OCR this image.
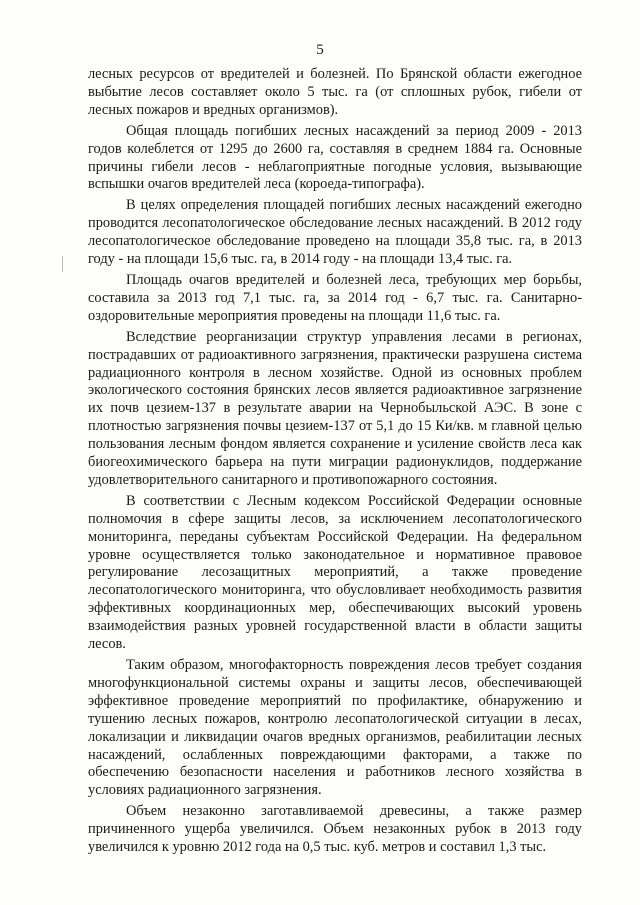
5

лесных ресурсов от вредителей и болезней. По Брянской области ежегодное выбытие лесов составляет около 5 тыс. га (от сплошных рубок, гибели от лесных пожаров и вредных организмов).

Общая площадь погибших лесных насаждений за период 2009 - 2013 годов колеблется от 1295 до 2600 га, составляя в среднем 1884 га. Основные причины гибели лесов - неблагоприятные погодные условия, вызывающие вспышки очагов вредителей леса (короеда-типографа).

В целях определения площадей погибших лесных насаждений ежегодно проводится лесопатологическое обследование лесных насаждений. В 2012 году лесопатологическое обследование проведено на площади 35,8 тыс. га, в 2013 году - на площади 15,6 тыс. га, в 2014 году - на площади 13,4 тыс. га.

Площадь очагов вредителей и болезней леса, требующих мер борьбы, составила за 2013 год 7,1 тыс. га, за 2014 год - 6,7 тыс. га. Санитарно-оздоровительные мероприятия проведены на площади 11,6 тыс. га.

Вследствие реорганизации структур управления лесами в регионах, пострадавших от радиоактивного загрязнения, практически разрушена система радиационного контроля в лесном хозяйстве. Одной из основных проблем экологического состояния брянских лесов является радиоактивное загрязнение их почв цезием-137 в результате аварии на Чернобыльской АЭС. В зоне с плотностью загрязнения почвы цезием-137 от 5,1 до 15 Ки/кв. м главной целью пользования лесным фондом является сохранение и усиление свойств леса как биогеохимического барьера на пути миграции радионуклидов, поддержание удовлетворительного санитарного и противопожарного состояния.

В соответствии с Лесным кодексом Российской Федерации основные полномочия в сфере защиты лесов, за исключением лесопатологического мониторинга, переданы субъектам Российской Федерации. На федеральном уровне осуществляется только законодательное и нормативное правовое регулирование лесозащитных мероприятий, а также проведение лесопатологического мониторинга, что обусловливает необходимость развития эффективных координационных мер, обеспечивающих высокий уровень взаимодействия разных уровней государственной власти в области защиты лесов.

Таким образом, многофакторность повреждения лесов требует создания многофункциональной системы охраны и защиты лесов, обеспечивающей эффективное проведение мероприятий по профилактике, обнаружению и тушению лесных пожаров, контролю лесопатологической ситуации в лесах, локализации и ликвидации очагов вредных организмов, реабилитации лесных насаждений, ослабленных повреждающими факторами, а также по обеспечению безопасности населения и работников лесного хозяйства в условиях радиационного загрязнения.

Объем незаконно заготавливаемой древесины, а также размер причиненного ущерба увеличился. Объем незаконных рубок в 2013 году увеличился к уровню 2012 года на 0,5 тыс. куб. метров и составил 1,3 тыс.
